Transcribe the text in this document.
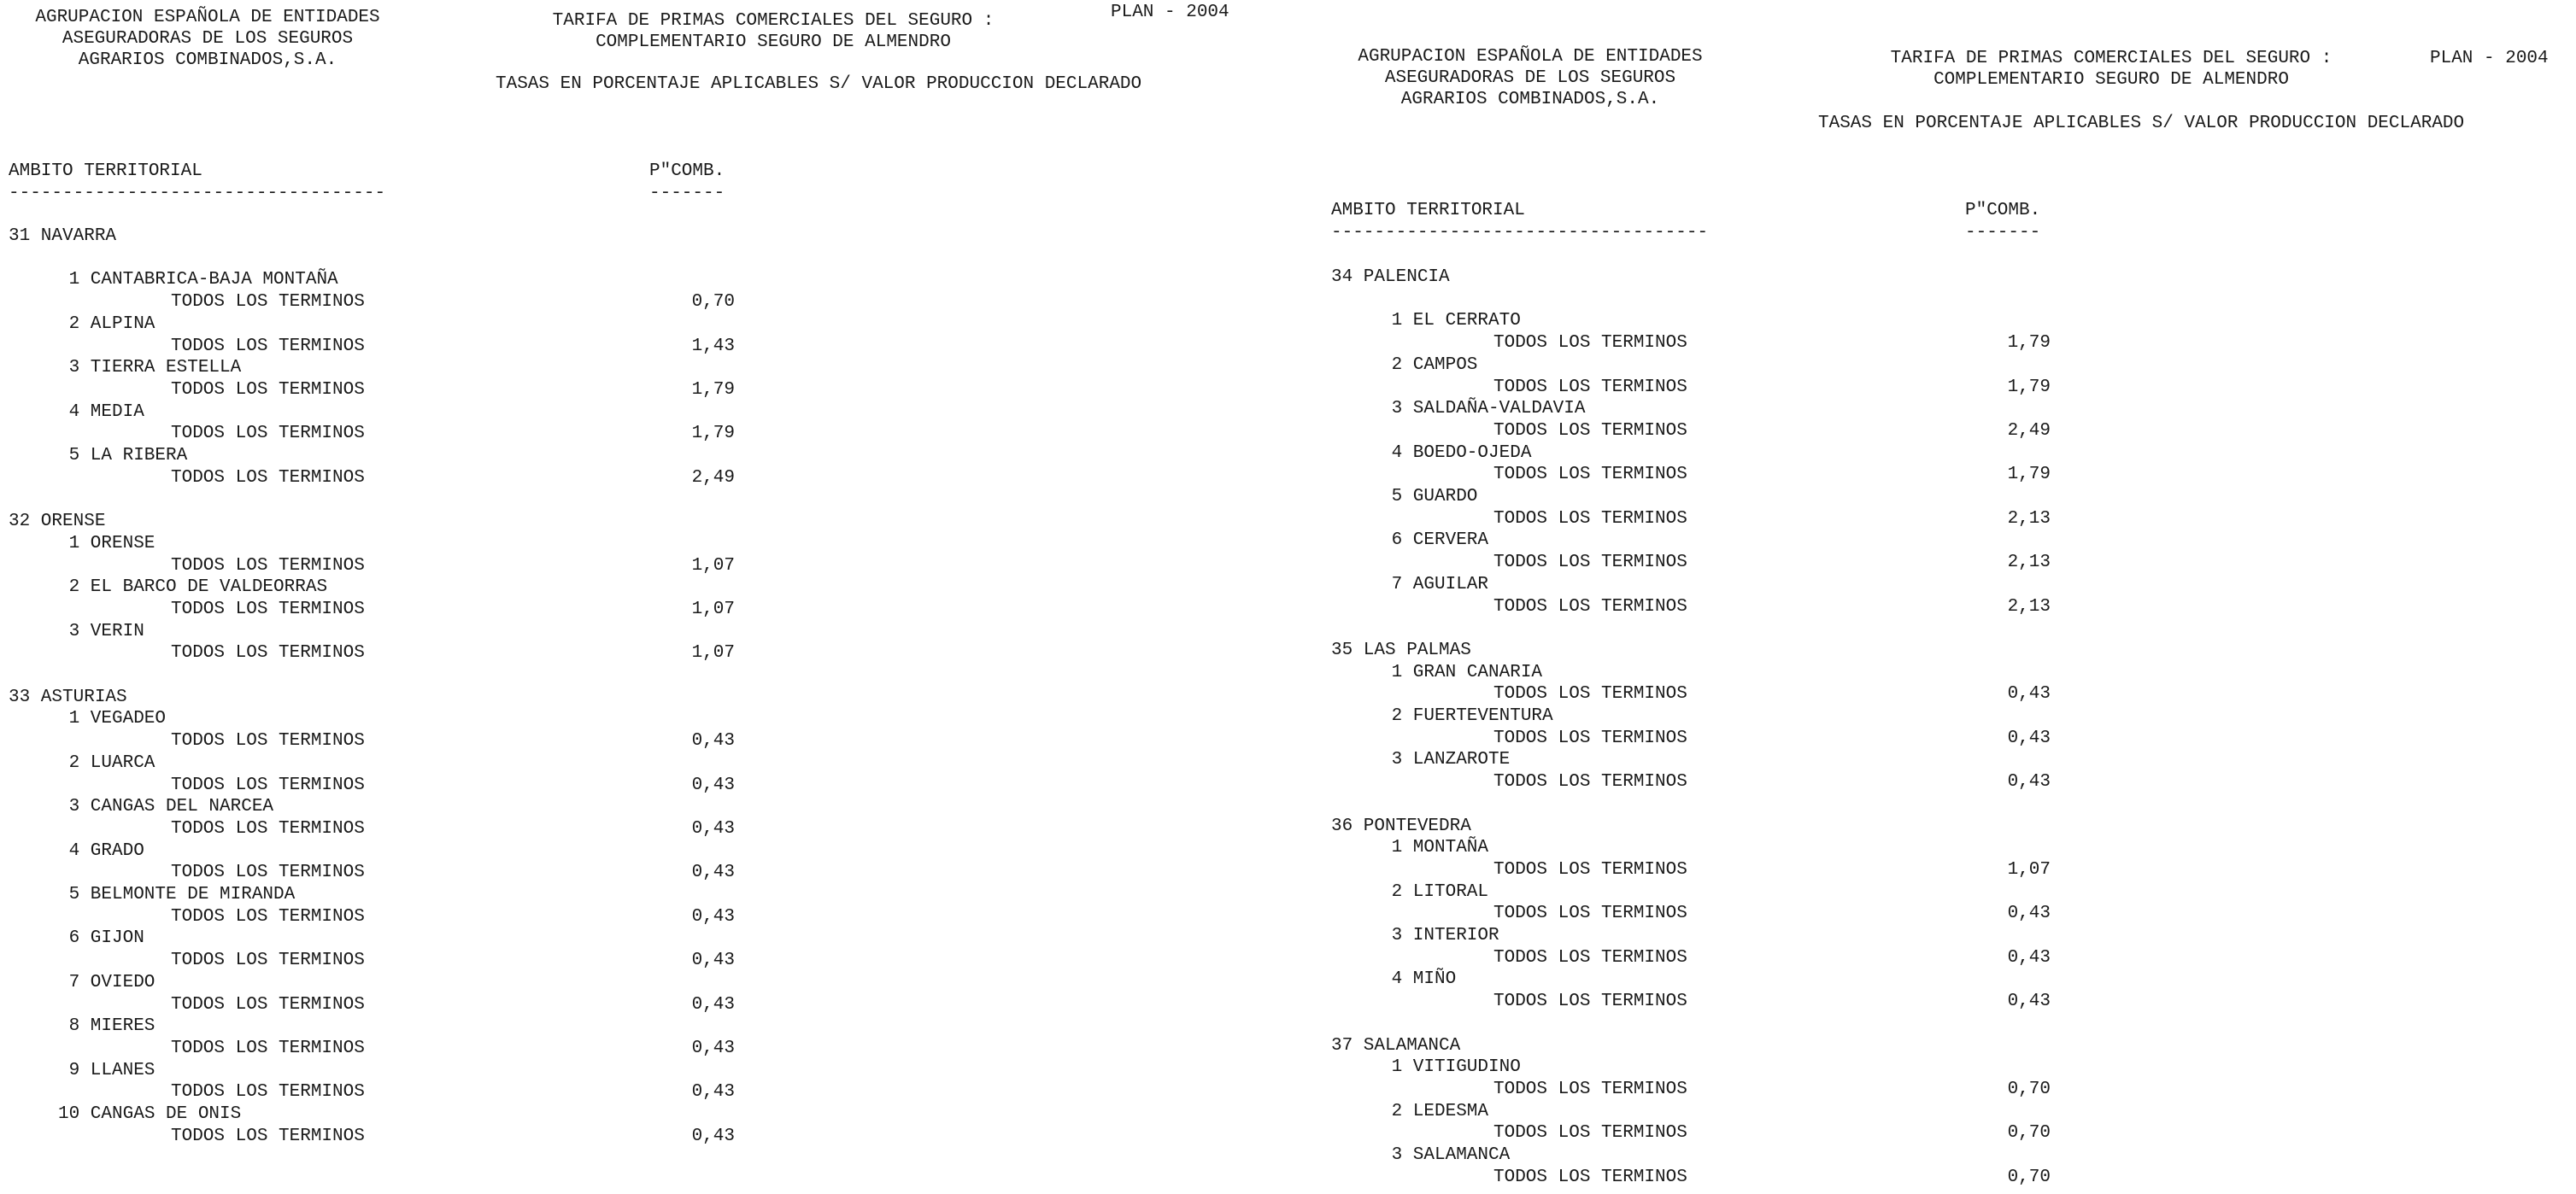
AGRUPACION ESPAÑOLA DE ENTIDADES
ASEGURADORAS DE LOS SEGUROS
AGRARIOS COMBINADOS,S.A.
TARIFA DE PRIMAS COMERCIALES DEL SEGURO :
COMPLEMENTARIO SEGURO DE ALMENDRO
PLAN - 2004
TASAS EN PORCENTAJE APLICABLES S/ VALOR PRODUCCION DECLARADO
AMBITO TERRITORIAL	P"COMB.
-----------------------------------	-------
31 NAVARRA
1 CANTABRICA-BAJA MONTAÑA
TODOS LOS TERMINOS	0,70
2 ALPINA
TODOS LOS TERMINOS	1,43
3 TIERRA ESTELLA
TODOS LOS TERMINOS	1,79
4 MEDIA
TODOS LOS TERMINOS	1,79
5 LA RIBERA
TODOS LOS TERMINOS	2,49
32 ORENSE
1 ORENSE
TODOS LOS TERMINOS	1,07
2 EL BARCO DE VALDEORRAS
TODOS LOS TERMINOS	1,07
3 VERIN
TODOS LOS TERMINOS	1,07
33 ASTURIAS
1 VEGADEO
TODOS LOS TERMINOS	0,43
2 LUARCA
TODOS LOS TERMINOS	0,43
3 CANGAS DEL NARCEA
TODOS LOS TERMINOS	0,43
4 GRADO
TODOS LOS TERMINOS	0,43
5 BELMONTE DE MIRANDA
TODOS LOS TERMINOS	0,43
6 GIJON
TODOS LOS TERMINOS	0,43
7 OVIEDO
TODOS LOS TERMINOS	0,43
8 MIERES
TODOS LOS TERMINOS	0,43
9 LLANES
TODOS LOS TERMINOS	0,43
10 CANGAS DE ONIS
TODOS LOS TERMINOS	0,43
AGRUPACION ESPAÑOLA DE ENTIDADES
ASEGURADORAS DE LOS SEGUROS
AGRARIOS COMBINADOS,S.A.
TARIFA DE PRIMAS COMERCIALES DEL SEGURO :
COMPLEMENTARIO SEGURO DE ALMENDRO
PLAN - 2004
TASAS EN PORCENTAJE APLICABLES S/ VALOR PRODUCCION DECLARADO
AMBITO TERRITORIAL	P"COMB.
-----------------------------------	-------
34 PALENCIA
1 EL CERRATO
TODOS LOS TERMINOS	1,79
2 CAMPOS
TODOS LOS TERMINOS	1,79
3 SALDAÑA-VALDAVIA
TODOS LOS TERMINOS	2,49
4 BOEDO-OJEDA
TODOS LOS TERMINOS	1,79
5 GUARDO
TODOS LOS TERMINOS	2,13
6 CERVERA
TODOS LOS TERMINOS	2,13
7 AGUILAR
TODOS LOS TERMINOS	2,13
35 LAS PALMAS
1 GRAN CANARIA
TODOS LOS TERMINOS	0,43
2 FUERTEVENTURA
TODOS LOS TERMINOS	0,43
3 LANZAROTE
TODOS LOS TERMINOS	0,43
36 PONTEVEDRA
1 MONTAÑA
TODOS LOS TERMINOS	1,07
2 LITORAL
TODOS LOS TERMINOS	0,43
3 INTERIOR
TODOS LOS TERMINOS	0,43
4 MIÑO
TODOS LOS TERMINOS	0,43
37 SALAMANCA
1 VITIGUDINO
TODOS LOS TERMINOS	0,70
2 LEDESMA
TODOS LOS TERMINOS	0,70
3 SALAMANCA
TODOS LOS TERMINOS	0,70
